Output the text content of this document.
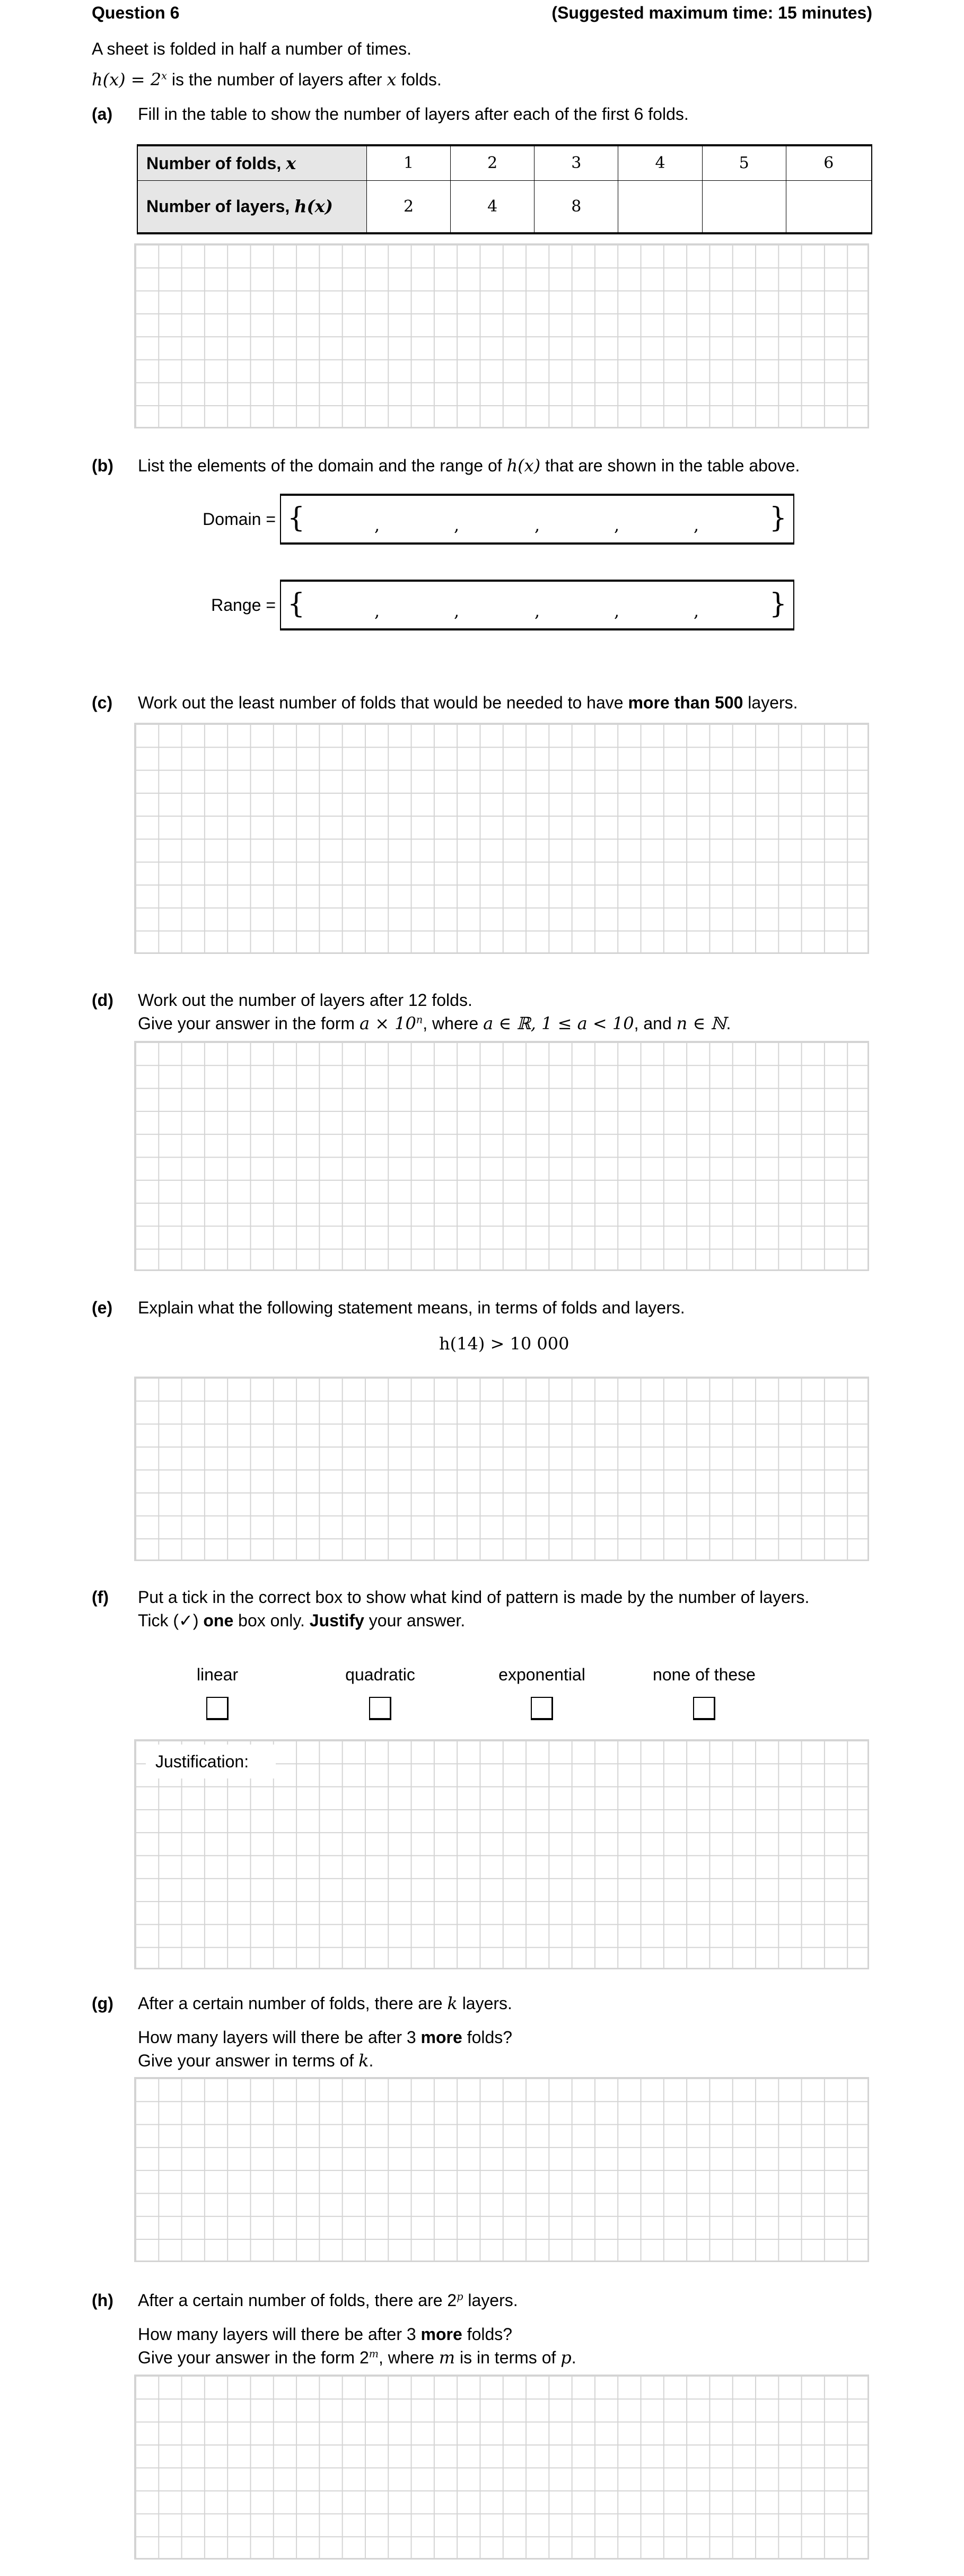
Question 6	(Suggested maximum time: 15 minutes)
A sheet is folded in half a number of times.
$h(x) = 2^x$ is the number of layers after x folds.
(a) Fill in the table to show the number of layers after each of the first 6 folds.
Number of folds, x	1	2	3	4	5	6
Number of layers, h(x)	2	4	8			
(b) List the elements of the domain and the range of h(x) that are shown in the table above.
Domain = {	,	,	,	,	,	}
Range = {	,	,	,	,	,	}
(c) Work out the least number of folds that would be needed to have more than 500 layers.
(d) Work out the number of layers after 12 folds.
Give your answer in the form $a \times 10^n$, where a ∈ ℝ, 1 ≤ a < 10, and n ∈ ℕ.
(e) Explain what the following statement means, in terms of folds and layers.
h(14) > 10 000
(f) Put a tick in the correct box to show what kind of pattern is made by the number of layers.
Tick (✓) one box only. Justify your answer.
linear	quadratic	exponential	none of these
Justification:
(g) After a certain number of folds, there are k layers.
How many layers will there be after 3 more folds?
Give your answer in terms of k.
(h) After a certain number of folds, there are 2$^p$ layers.
How many layers will there be after 3 more folds?
Give your answer in the form 2$^m$, where m is in terms of p.
